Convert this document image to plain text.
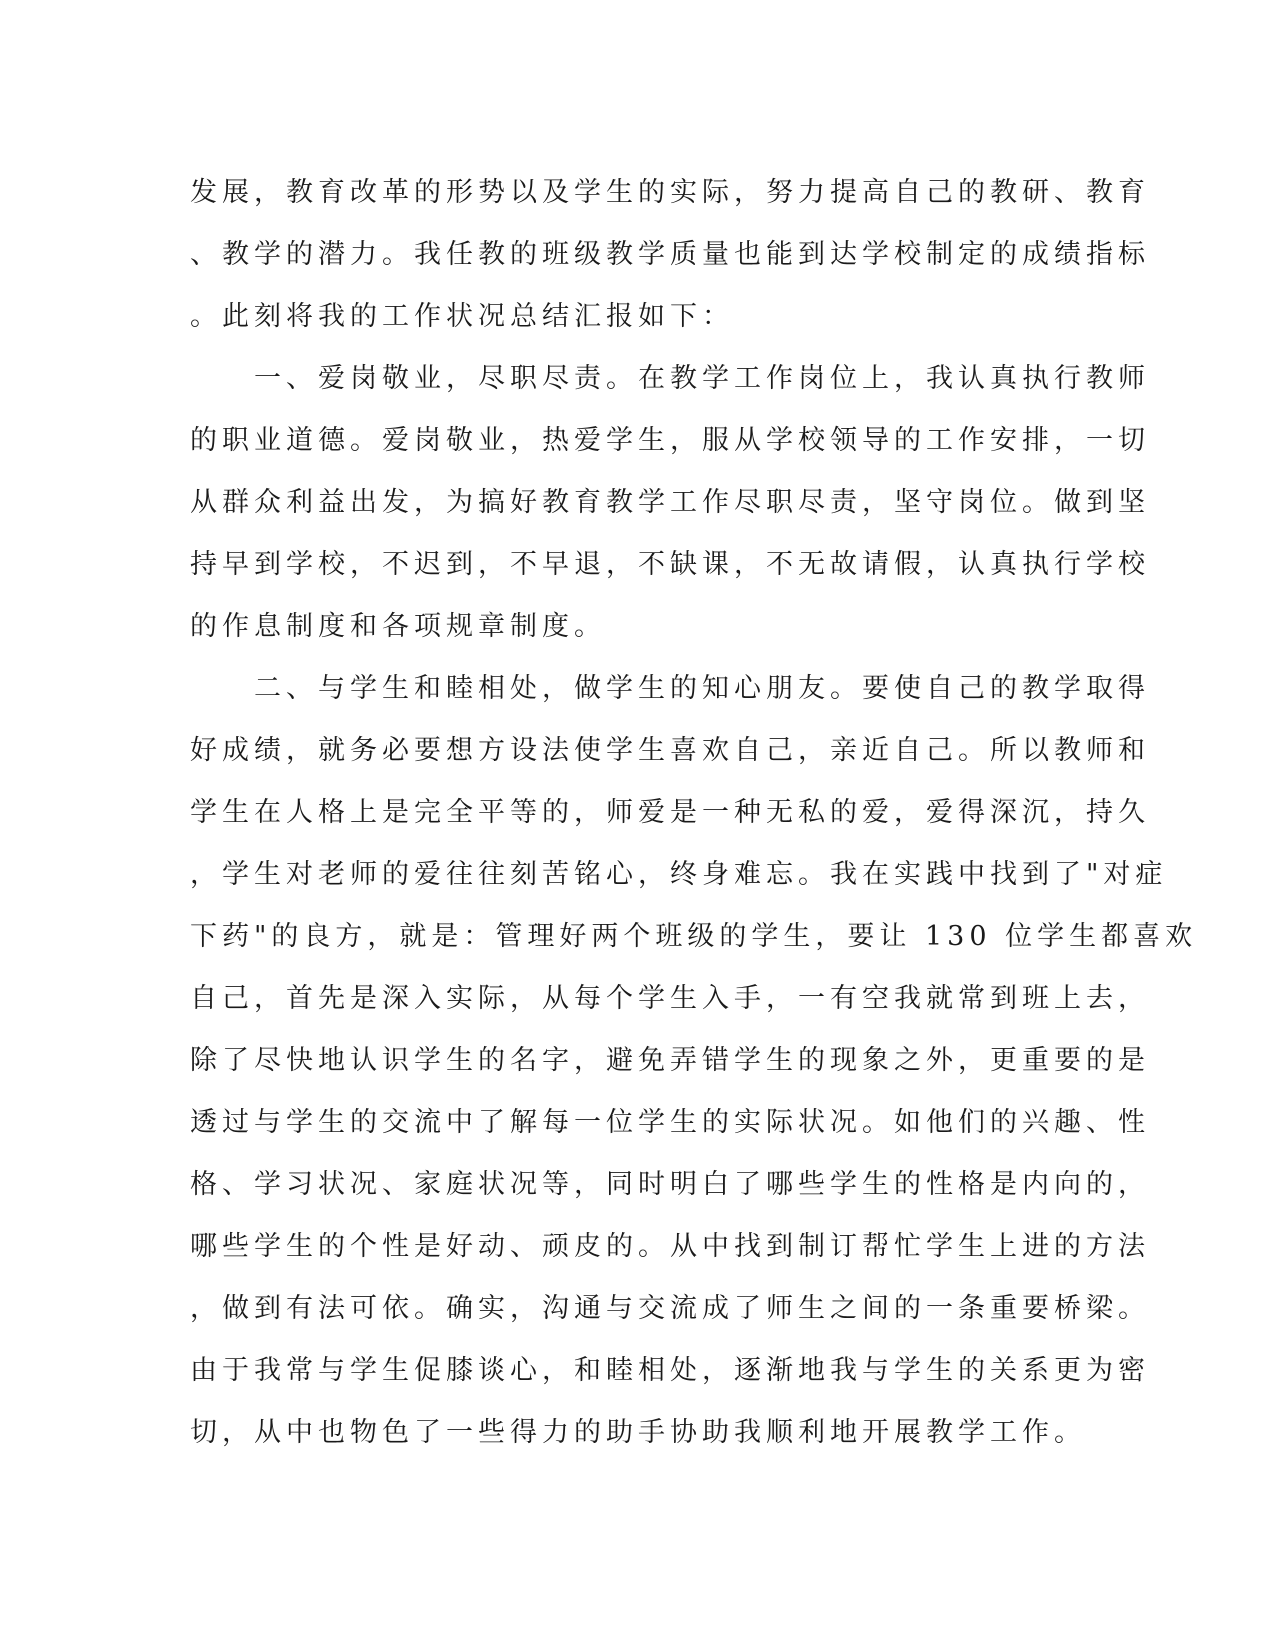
发展，教育改革的形势以及学生的实际，努力提高自己的教研、教育
、教学的潜力。我任教的班级教学质量也能到达学校制定的成绩指标
。此刻将我的工作状况总结汇报如下：
　　一、爱岗敬业，尽职尽责。在教学工作岗位上，我认真执行教师
的职业道德。爱岗敬业，热爱学生，服从学校领导的工作安排，一切
从群众利益出发，为搞好教育教学工作尽职尽责，坚守岗位。做到坚
持早到学校，不迟到，不早退，不缺课，不无故请假，认真执行学校
的作息制度和各项规章制度。
　　二、与学生和睦相处，做学生的知心朋友。要使自己的教学取得
好成绩，就务必要想方设法使学生喜欢自己，亲近自己。所以教师和
学生在人格上是完全平等的，师爱是一种无私的爱，爱得深沉，持久
，学生对老师的爱往往刻苦铭心，终身难忘。我在实践中找到了"对症
下药"的良方，就是：管理好两个班级的学生，要让 130 位学生都喜欢
自己，首先是深入实际，从每个学生入手，一有空我就常到班上去，
除了尽快地认识学生的名字，避免弄错学生的现象之外，更重要的是
透过与学生的交流中了解每一位学生的实际状况。如他们的兴趣、性
格、学习状况、家庭状况等，同时明白了哪些学生的性格是内向的，
哪些学生的个性是好动、顽皮的。从中找到制订帮忙学生上进的方法
，做到有法可依。确实，沟通与交流成了师生之间的一条重要桥梁。
由于我常与学生促膝谈心，和睦相处，逐渐地我与学生的关系更为密
切，从中也物色了一些得力的助手协助我顺利地开展教学工作。
